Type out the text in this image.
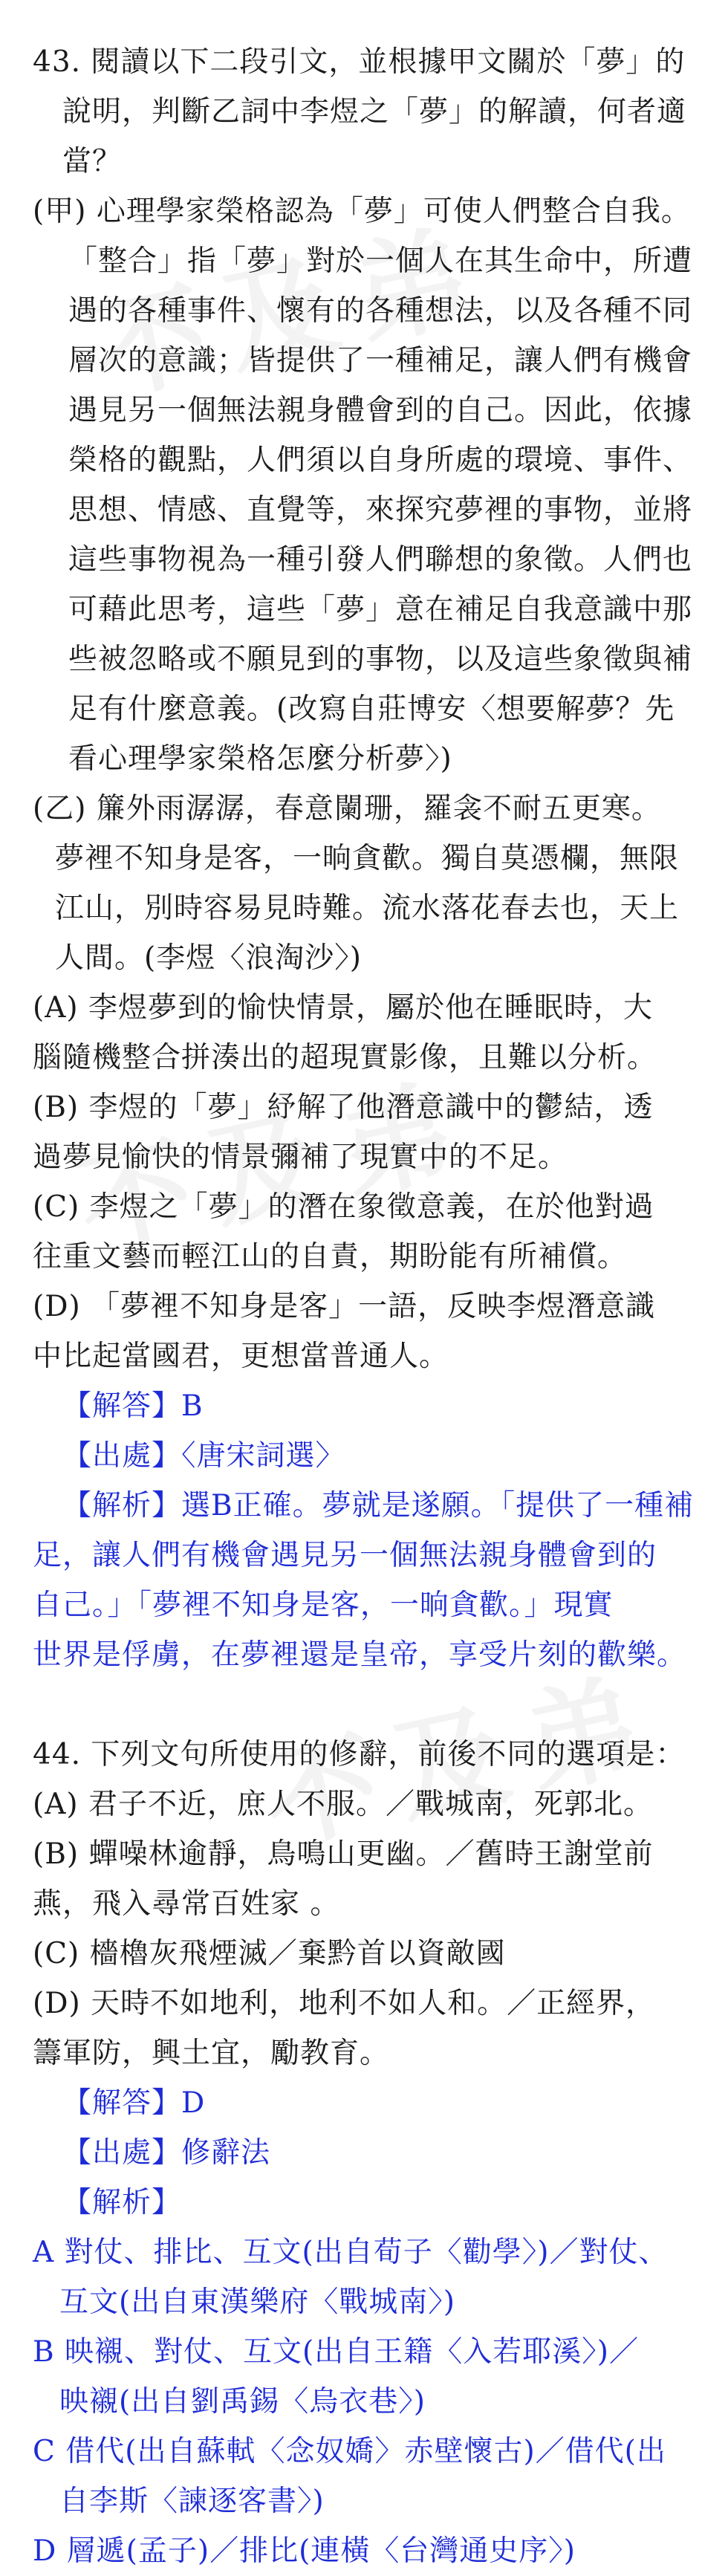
43. 閱讀以下二段引文，並根據甲文關於「夢」的
說明，判斷乙詞中李煜之「夢」的解讀，何者適
當？
(甲) 心理學家榮格認為「夢」可使人們整合自我。
「整合」指「夢」對於一個人在其生命中，所遭
遇的各種事件、懷有的各種想法，以及各種不同
層次的意識；皆提供了一種補足，讓人們有機會
遇見另一個無法親身體會到的自己。因此，依據
榮格的觀點，人們須以自身所處的環境、事件、
思想、情感、直覺等，來探究夢裡的事物，並將
這些事物視為一種引發人們聯想的象徵。人們也
可藉此思考，這些「夢」意在補足自我意識中那
些被忽略或不願見到的事物，以及這些象徵與補
足有什麼意義。(改寫自莊博安〈想要解夢？先
看心理學家榮格怎麼分析夢〉)
(乙) 簾外雨潺潺，春意闌珊，羅衾不耐五更寒。
夢裡不知身是客，一晌貪歡。獨自莫憑欄，無限
江山，別時容易見時難。流水落花春去也，天上
人間。(李煜〈浪淘沙〉)
(A) 李煜夢到的愉快情景，屬於他在睡眠時，大
腦隨機整合拼湊出的超現實影像，且難以分析。
(B) 李煜的「夢」紓解了他潛意識中的鬱結，透
過夢見愉快的情景彌補了現實中的不足。
(C) 李煜之「夢」的潛在象徵意義，在於他對過
往重文藝而輕江山的自責，期盼能有所補償。
(D) 「夢裡不知身是客」一語，反映李煜潛意識
中比起當國君，更想當普通人。
【解答】B
【出處】〈唐宋詞選〉
【解析】選B正確。夢就是遂願。「提供了一種補
足，讓人們有機會遇見另一個無法親身體會到的
自己。」「夢裡不知身是客，一晌貪歡。」現實
世界是俘虜，在夢裡還是皇帝，享受片刻的歡樂。
44. 下列文句所使用的修辭，前後不同的選項是：
(A) 君子不近，庶人不服。／戰城南，死郭北。
(B) 蟬噪林逾靜，鳥鳴山更幽。／舊時王謝堂前
燕，飛入尋常百姓家 。
(C) 檣櫓灰飛煙滅／棄黔首以資敵國
(D) 天時不如地利，地利不如人和。／正經界，
籌軍防，興土宜，勵教育。
【解答】D
【出處】修辭法
【解析】
A 對仗、排比、互文(出自荀子〈勸學〉)／對仗、
互文(出自東漢樂府〈戰城南〉)
B 映襯、對仗、互文(出自王籍〈入若耶溪〉)／
映襯(出自劉禹錫〈烏衣巷〉)
C 借代(出自蘇軾〈念奴嬌〉赤壁懷古)／借代(出
自李斯〈諫逐客書〉)
D 層遞(孟子)／排比(連橫〈台灣通史序〉)
